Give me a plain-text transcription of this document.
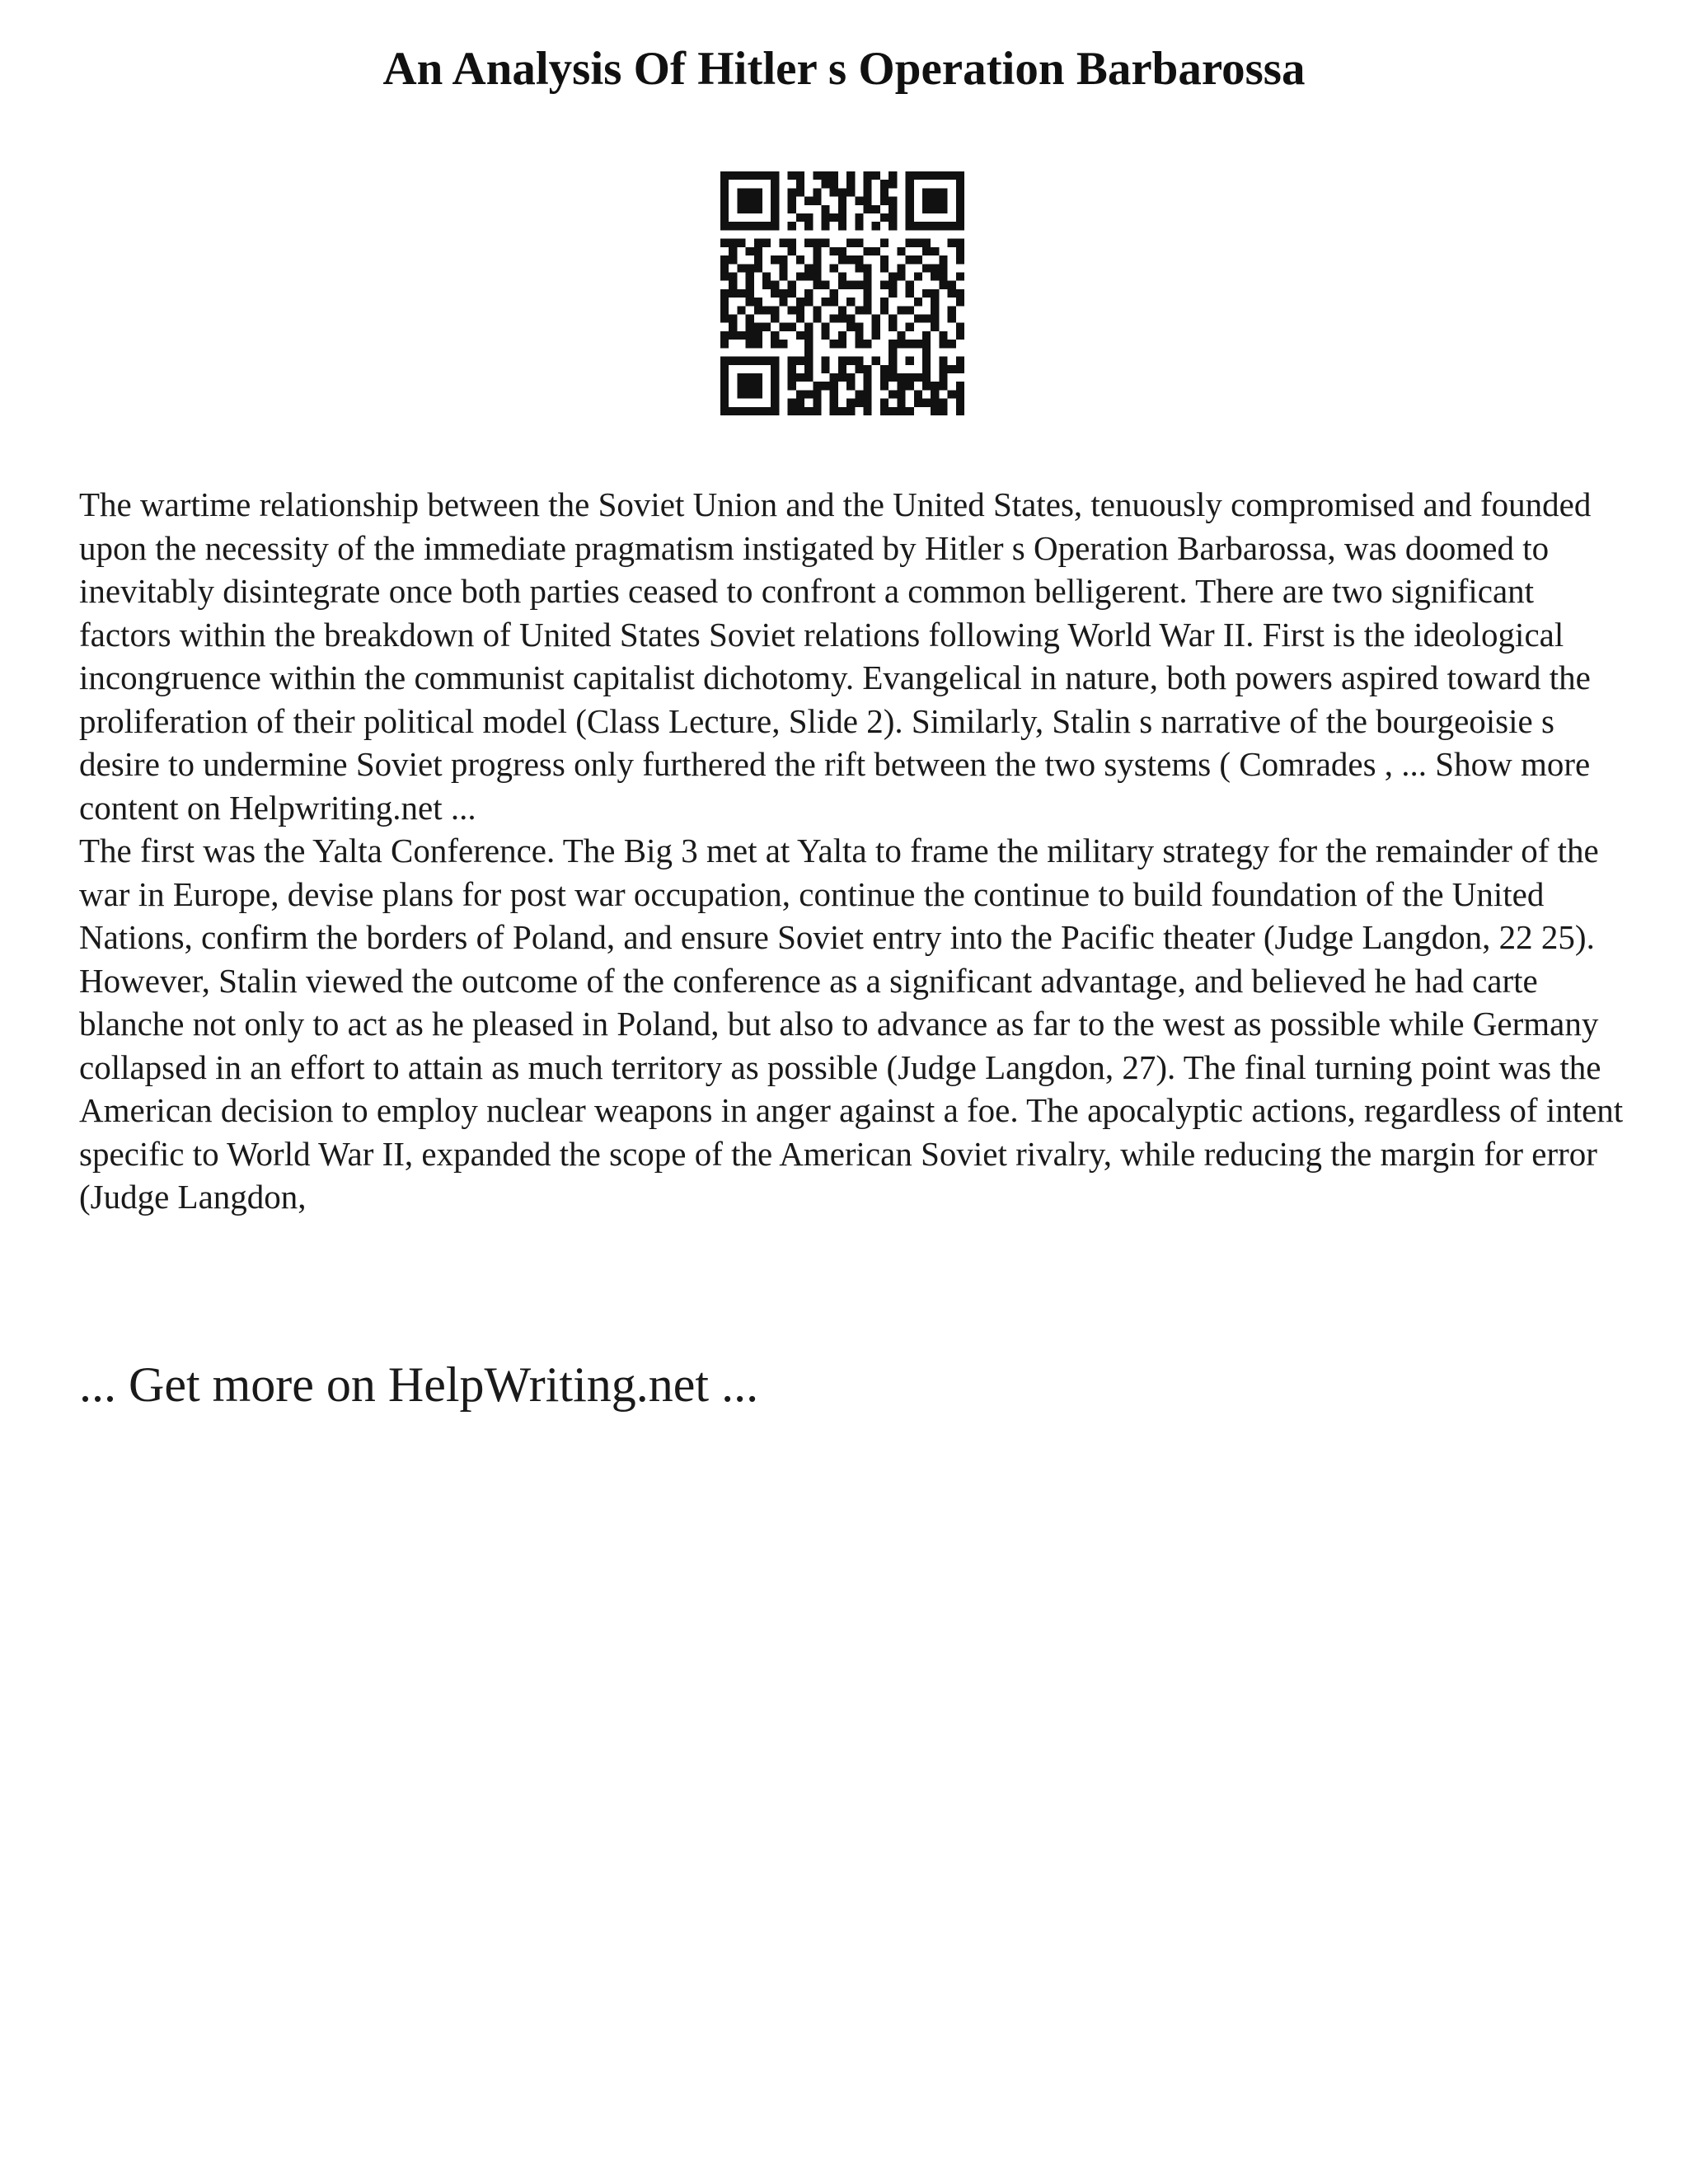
An Analysis Of Hitler s Operation Barbarossa

The wartime relationship between the Soviet Union and the United States, tenuously compromised and founded upon the necessity of the immediate pragmatism instigated by Hitler s Operation Barbarossa, was doomed to inevitably disintegrate once both parties ceased to confront a common belligerent. There are two significant factors within the breakdown of United States Soviet relations following World War II. First is the ideological incongruence within the communist capitalist dichotomy. Evangelical in nature, both powers aspired toward the proliferation of their political model (Class Lecture, Slide 2). Similarly, Stalin s narrative of the bourgeoisie s desire to undermine Soviet progress only furthered the rift between the two systems ( Comrades , ... Show more content on Helpwriting.net ...

The first was the Yalta Conference. The Big 3 met at Yalta to frame the military strategy for the remainder of the war in Europe, devise plans for post war occupation, continue the continue to build foundation of the United Nations, confirm the borders of Poland, and ensure Soviet entry into the Pacific theater (Judge Langdon, 22 25). However, Stalin viewed the outcome of the conference as a significant advantage, and believed he had carte blanche not only to act as he pleased in Poland, but also to advance as far to the west as possible while Germany collapsed in an effort to attain as much territory as possible (Judge Langdon, 27). The final turning point was the American decision to employ nuclear weapons in anger against a foe. The apocalyptic actions, regardless of intent specific to World War II, expanded the scope of the American Soviet rivalry, while reducing the margin for error (Judge Langdon,

... Get more on HelpWriting.net ...
